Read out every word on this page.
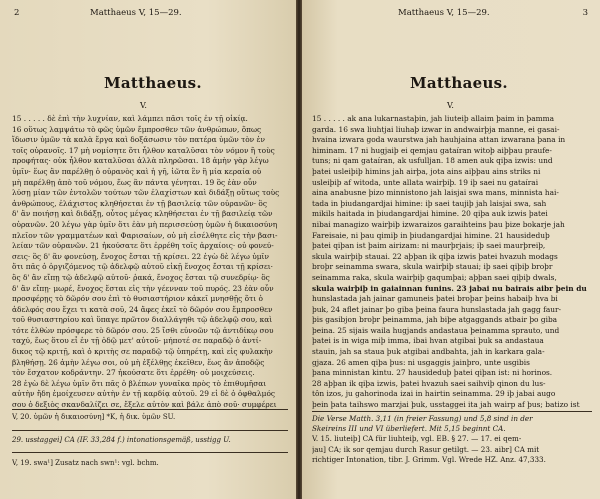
2	Matthaeus V, 15—29.
Matthaeus.
V.
15 . . . . . δὲ ἐπὶ τὴν λυχνίαν, καὶ λάμπει πᾶσι τοῖς ἐν τῇ οἰκίᾳ.
16 οὕτως λαμψάτω τὸ φῶς ὑμῶν ἔμπροσθεν τῶν ἀνθρώπων, ὅπως
ἴδωσιν ὑμῶν τὰ καλὰ ἔργα καὶ δοξάσωσιν τὸν πατέρα ὑμῶν τὸν ἐν
τοῖς οὐρανοῖς. 17 μὴ νομίσητε ὅτι ἦλθον καταλῦσαι τὸν νόμον ἢ τοὺς
προφήτας· οὐκ ἦλθον καταλῦσαι ἀλλὰ πληρῶσαι. 18 ἀμὴν γὰρ λέγω
ὑμῖν· ἕως ἂν παρέλθῃ ὁ οὐρανὸς καὶ ἡ γῆ, ἰῶτα ἓν ἢ μία κεραία οὐ
μὴ παρέλθῃ ἀπὸ τοῦ νόμου, ἕως ἂν πάντα γένηται. 19 ὃς ἐὰν οὖν
λύσῃ μίαν τῶν ἐντολῶν τούτων τῶν ἐλαχίστων καὶ διδάξῃ οὕτως τοὺς
ἀνθρώπους, ἐλάχιστος κληθήσεται ἐν τῇ βασιλείᾳ τῶν οὐρανῶν· ὃς
δ' ἂν ποιήσῃ καὶ διδάξῃ, οὗτος μέγας κληθήσεται ἐν τῇ βασιλείᾳ τῶν
οὐρανῶν. 20 λέγω γὰρ ὑμῖν ὅτι ἐὰν μὴ περισσεύσῃ ὑμῶν ἡ δικαιοσύνη
πλεῖον τῶν γραμματέων καὶ Φαρισαίων, οὐ μὴ εἰσέλθητε εἰς τὴν βασι-
λείαν τῶν οὐρανῶν. 21 ἠκούσατε ὅτι ἐρρέθη τοῖς ἀρχαίοις· οὐ φονεύ-
σεις· ὃς δ' ἂν φονεύσῃ, ἔνοχος ἔσται τῇ κρίσει. 22 ἐγὼ δὲ λέγω ὑμῖν
ὅτι πᾶς ὁ ὀργιζόμενος τῷ ἀδελφῷ αὐτοῦ εἰκῇ ἔνοχος ἔσται τῇ κρίσει·
ὃς δ' ἂν εἴπῃ τῷ ἀδελφῷ αὐτοῦ· ῥακά, ἔνοχος ἔσται τῷ συνεδρίῳ· ὃς
δ' ἂν εἴπῃ· μωρέ, ἔνοχος ἔσται εἰς τὴν γέενναν τοῦ πυρός. 23 ἐὰν οὖν
προσφέρῃς τὸ δῶρόν σου ἐπὶ τὸ θυσιαστήριον κἀκεῖ μνησθῇς ὅτι ὁ
ἀδελφός σου ἔχει τι κατὰ σοῦ, 24 ἄφες ἐκεῖ τὸ δῶρόν σου ἔμπροσθεν
τοῦ θυσιαστηρίου καὶ ὕπαγε πρῶτον διαλλάγηθι τῷ ἀδελφῷ σου, καὶ
τότε ἐλθὼν πρόσφερε τὸ δῶρόν σου. 25 ἴσθι εὐνοῶν τῷ ἀντιδίκῳ σου
ταχύ, ἕως ὅτου εἶ ἐν τῇ ὁδῷ μετ' αὐτοῦ· μήποτέ σε παραδῷ ὁ ἀντί-
δικος τῷ κριτῇ, καὶ ὁ κριτὴς σε παραδῷ τῷ ὑπηρέτῃ, καὶ εἰς φυλακὴν
βληθήσῃ. 26 ἀμὴν λέγω σοι, οὐ μὴ ἐξέλθῃς ἐκεῖθεν, ἕως ἂν ἀποδῷς
τὸν ἔσχατον κοδράντην. 27 ἠκούσατε ὅτι ἐρρέθη· οὐ μοιχεύσεις.
28 ἐγὼ δὲ λέγω ὑμῖν ὅτι πᾶς ὁ βλέπων γυναῖκα πρὸς τὸ ἐπιθυμῆσαι
αὐτὴν ἤδη ἐμοίχευσεν αὐτὴν ἐν τῇ καρδίᾳ αὐτοῦ. 29 εἰ δὲ ὁ ὀφθαλμός
σου ὁ δεξιὸς σκανδαλίζει σε, ἔξελε αὐτὸν καὶ βάλε ἀπὸ σοῦ· συμφέρει
V, 20. ὑμῶν ἡ δικαιοσύνη] *K, ἡ δικ. ὑμῶν SU.
29. usstaggei] CA (IF. 33,284 f.) intonationsgemäß, usstigg U.
V, 19. swa¹] Zusatz nach swn¹: vgl. bchm.
Matthaeus V, 15—29.	3
Matthaeus.
V.
15 . . . . . ak ana lukarnastaþin, jah liuteiþ allaim þaim in þamma
garda. 16 swa liuhtjai liuhaþ izwar in andwairþja manne, ei gasai-
hvaina izwara goda waurstwa jah hauhjaina attan izwarana þana in
himinam. 17 ni hugjaiþ ei qemjau gataíran witoþ aiþþau praufe-
tuns; ni qam gataíran, ak usfulljan. 18 amen auk qiþa izwis: und
þatei usleiþiþ himins jah airþa, jota ains aiþþau ains striks ni
usleiþiþ af witoda, unte allata wairþiþ. 19 iþ saei nu gataírai
aina anabusne þizo minnistono jah laisjai swa mans, minnista hai-
tada in þiudangardjai himine: iþ saei taujiþ jah laisjai swa, sah
mikils haitada in þiudangardjai himine. 20 qiþa auk izwis þatei
nibai managizo wairþiþ izwaraizos garaihteins þau þize bokarje jah
Fareisaie, ni þau qimiþ in þiudangardjai himine. 21 hausideduþ
þatei qiþan ist þaim airizam: ni maurþrjais; iþ saei maurþreiþ,
skula wairþiþ stauai. 22 aþþan ik qiþa izwis þatei hvazuh modags
broþr seinamma swara, skula wairþiþ stauai; iþ saei qiþiþ broþr
seinamma raka, skula wairþiþ gaqumþai; aþþan saei qiþiþ dwals,
skula wairþiþ in gaiainnan funins. 23 jabai nu bairais aibr þein du
hunslastada jah jainar gamuneis þatei broþar þeins habaiþ hva bi
þuk, 24 aflet jainar þo giba þeina faura hunslastada jah gagg faur-
þis gasibjon broþr þeinamma, jah biþe atgaggands atbair þo giba
þeina. 25 sijais waila hugjands andastaua þeinamma sprauto, und
þatei is in wiga miþ imma, ibai hvan atgibai þuk sa andastaua
stauin, jah sa staua þuk atgibai andbahta, jah in karkara gala-
gjaza. 26 amen qiþa þus: ni usgaggis jainþro, unte usgibis
þana minnistan kintu. 27 hausideduþ þatei qiþan ist: ni horinos.
28 aþþan ik qiþa izwis, þatei hvazuh saei saihviþ qinon du lus-
tôn izos, ju gahorinoda izai in hairtin seinamma. 29 iþ jabai augo
þein þata taihswo marzjai þuk, usstaggei ita jah wairp af þus; batizo ist
Die Verse Matth. 3,11 (in freier Fassung) und 5,8 sind in der
Skeireins III und VI überliefert. Mit 5,15 beginnt CA.
V. 15. liuteiþ] CA für liuhteiþ, vgl. EB. § 27. — 17. ei qem-
jau] CA; ik sor qemjau durch Rasur getilgt. — 23. aibr] CA mit
richtiger Intonation, tibr. J. Grimm. Vgl. Wrede HZ. Anz. 47,333.
